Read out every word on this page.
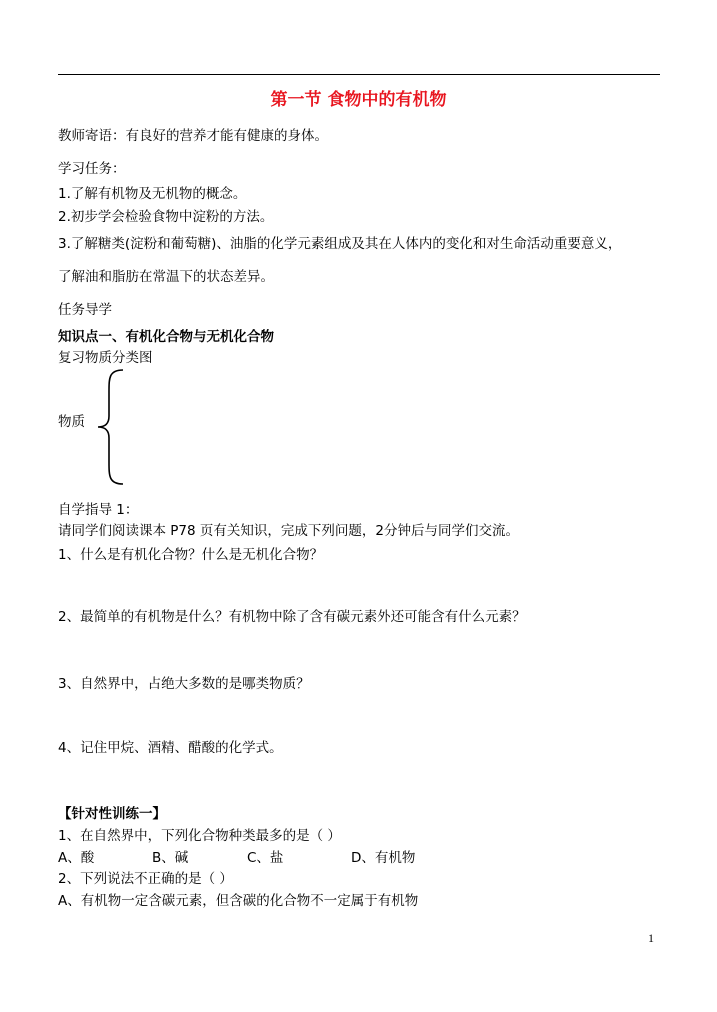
第一节 食物中的有机物
教师寄语：有良好的营养才能有健康的身体。
学习任务：
1.了解有机物及无机物的概念。
2.初步学会检验食物中淀粉的方法。
3.了解糖类(淀粉和葡萄糖)、油脂的化学元素组成及其在人体内的变化和对生命活动重要意义，
了解油和脂肪在常温下的状态差异。
任务导学
知识点一、有机化合物与无机化合物
复习物质分类图
物质
自学指导 1：
请同学们阅读课本 P78 页有关知识，完成下列问题，2分钟后与同学们交流。
1、什么是有机化合物？什么是无机化合物？
2、最简单的有机物是什么？有机物中除了含有碳元素外还可能含有什么元素？
3、自然界中，占绝大多数的是哪类物质？
4、记住甲烷、酒精、醋酸的化学式。
【针对性训练一】
1、在自然界中，下列化合物种类最多的是（ ）
A、酸	B、碱	C、盐	D、有机物
2、下列说法不正确的是（ ）
A、有机物一定含碳元素，但含碳的化合物不一定属于有机物
1
